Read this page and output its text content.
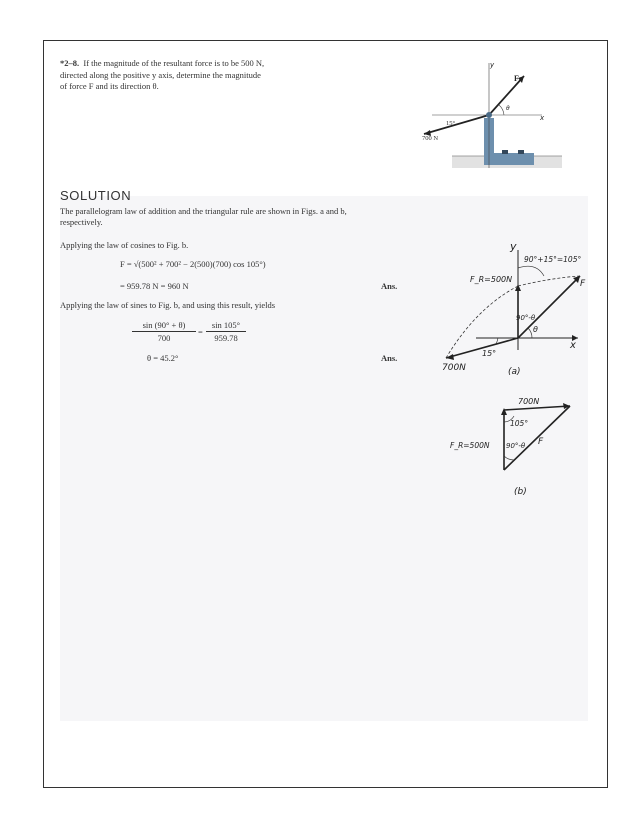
*2–8. If the magnitude of the resultant force is to be 500 N,
directed along the positive y axis, determine the magnitude
of force F and its direction θ.
y
x
F
θ
15°
700 N
SOLUTION
The parallelogram law of addition and the triangular rule are shown in Figs. a and b,
respectively.
Applying the law of cosines to Fig. b.
F = √(500² + 700² − 2(500)(700) cos 105°)
= 959.78 N = 960 N	Ans.
Applying the law of sines to Fig. b, and using this result, yields
$\frac{\sin (90^\circ + \theta)}{700} = \frac{\sin 105^\circ}{959.78}$
θ = 45.2°	Ans.
y
x
90°+15°=105°
F_R=500N	F
90°-θ
θ
15°
700N	(a)
700N
105°
F_R=500N 90°-θ F
(b)
